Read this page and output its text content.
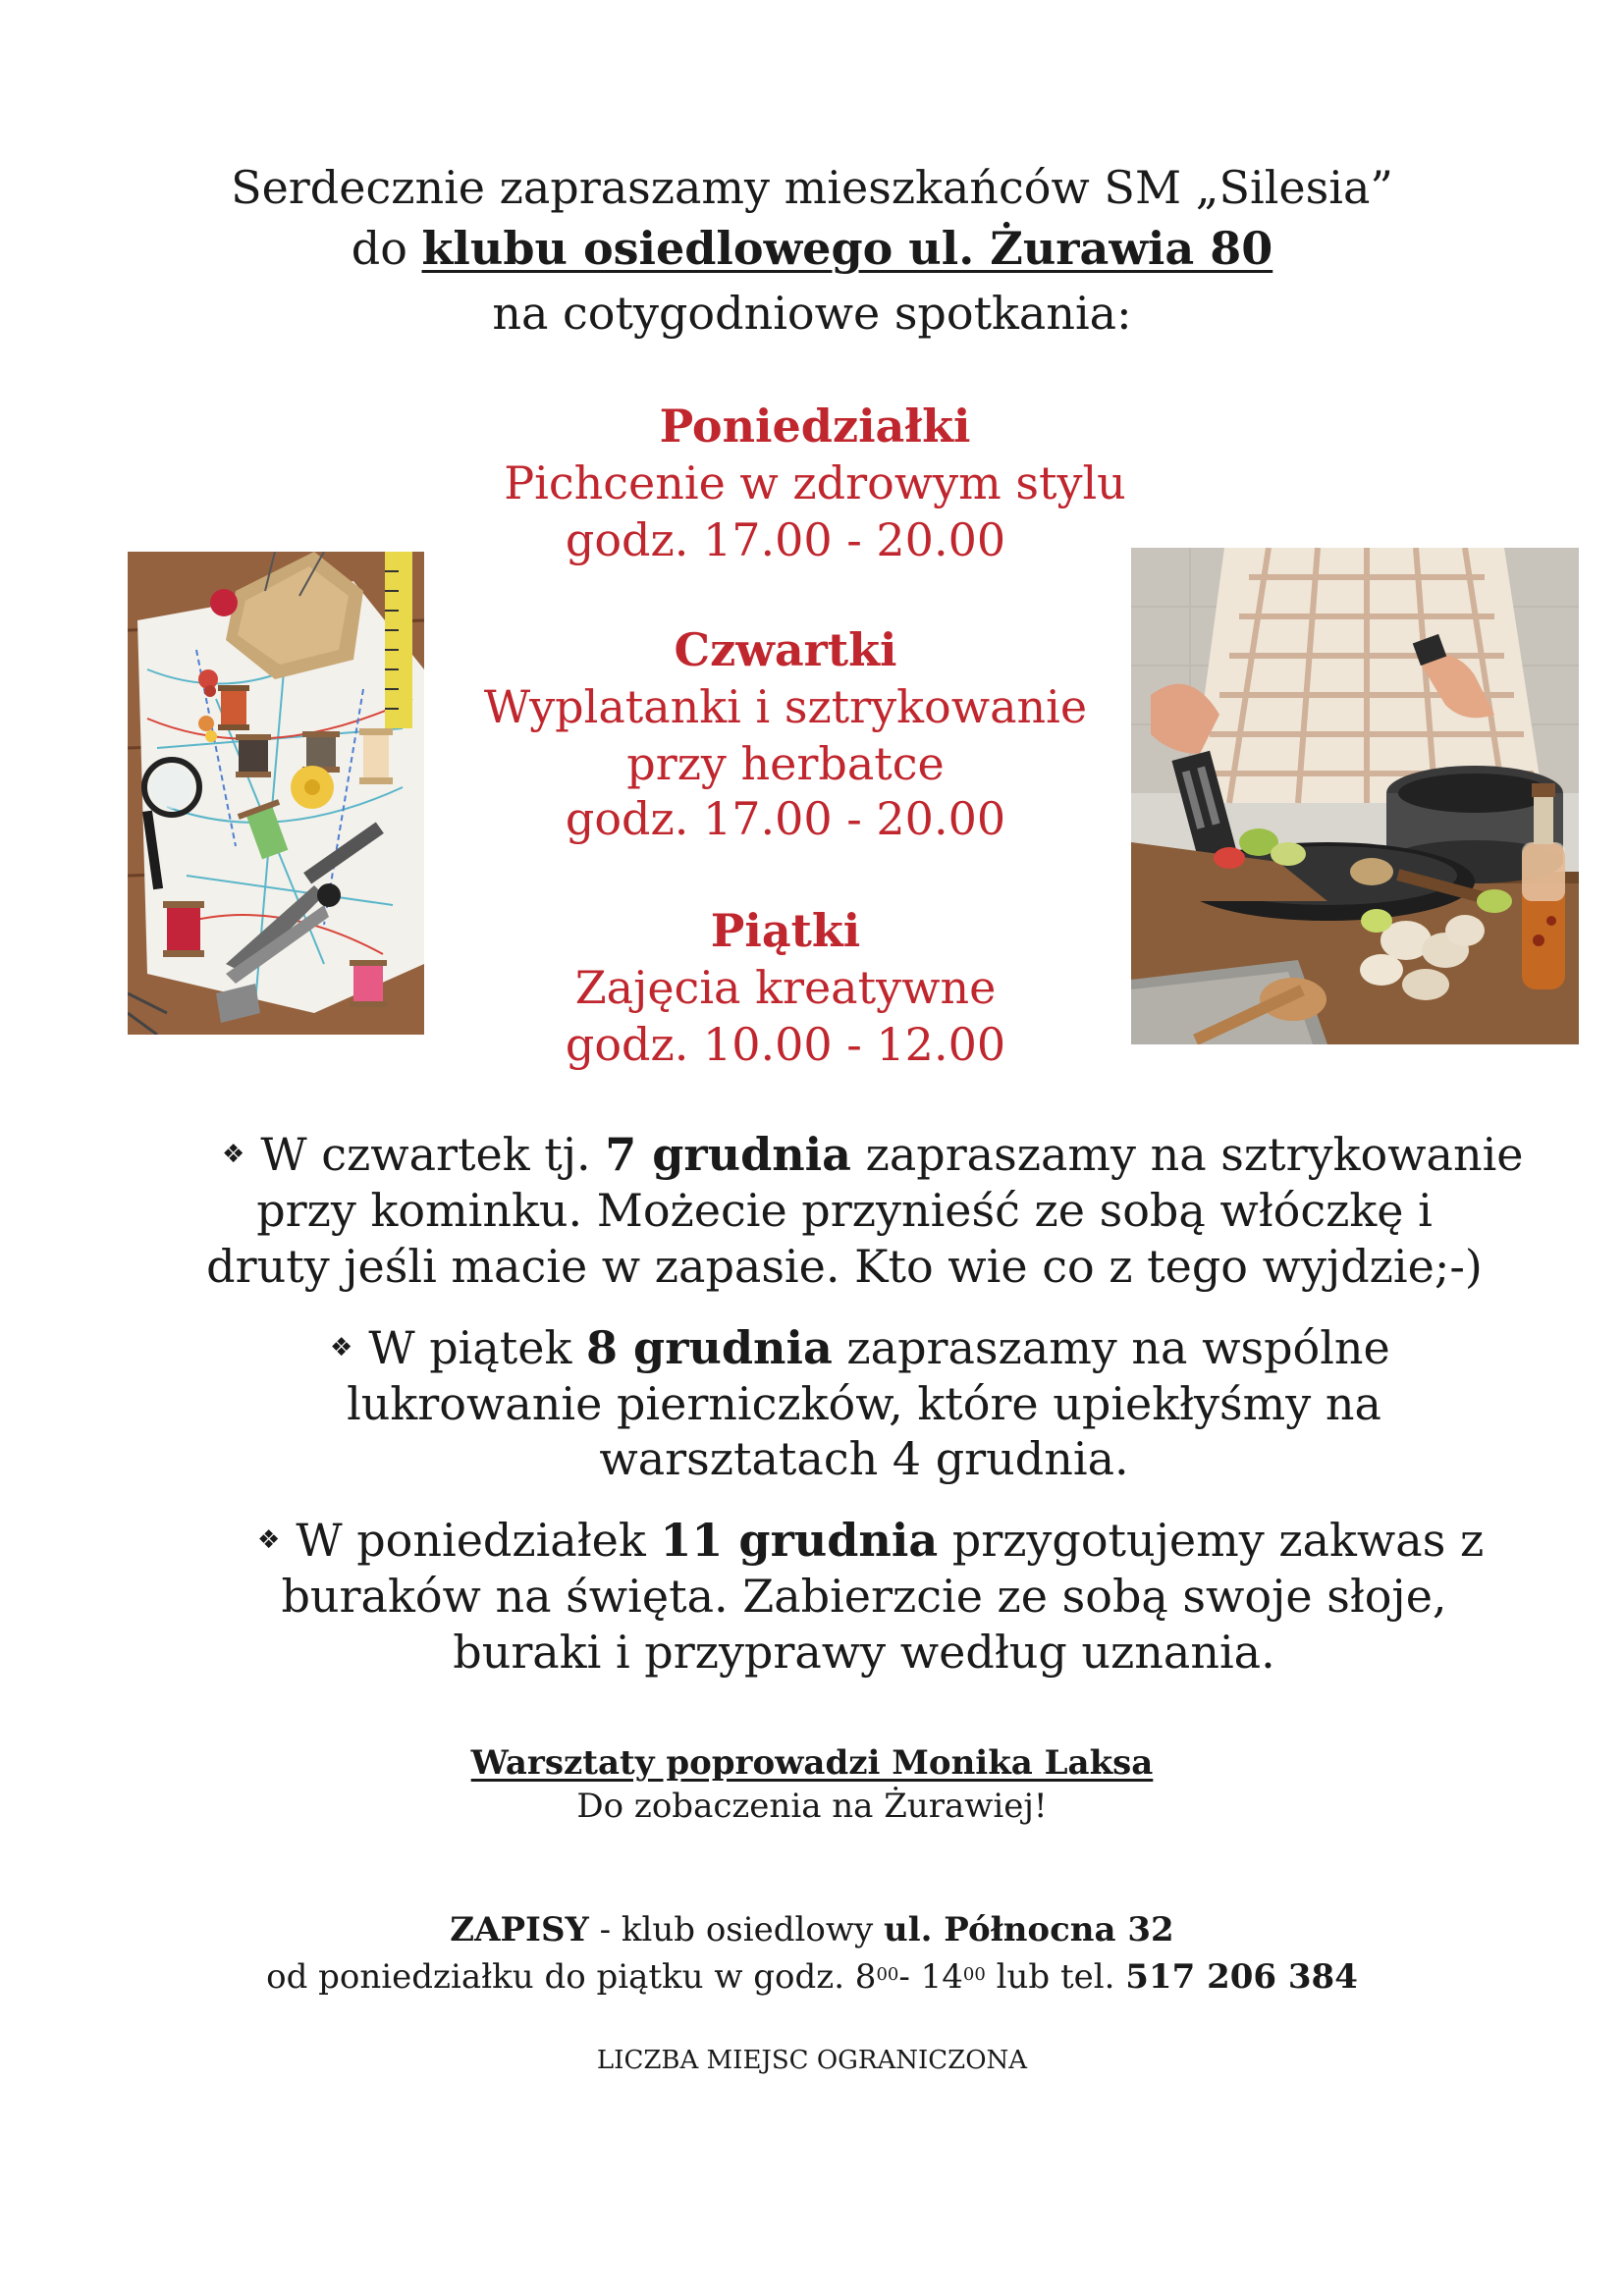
Serdecznie zapraszamy mieszkańców SM „Silesia”
do klubu osiedlowego ul. Żurawia 80
na cotygodniowe spotkania:
Poniedziałki
Pichcenie w zdrowym stylu
godz. 17.00 - 20.00
Czwartki
Wyplatanki i sztrykowanie
przy herbatce
godz. 17.00 - 20.00
Piątki
Zajęcia kreatywne
godz. 10.00 - 12.00
❖ W czwartek tj. 7 grudnia zapraszamy na sztrykowanie
przy kominku. Możecie przynieść ze sobą włóczkę i
druty jeśli macie w zapasie. Kto wie co z tego wyjdzie;-)
❖ W piątek 8 grudnia zapraszamy na wspólne
lukrowanie pierniczków, które upiekłyśmy na
warsztatach 4 grudnia.
❖ W poniedziałek 11 grudnia przygotujemy zakwas z
buraków na święta. Zabierzcie ze sobą swoje słoje,
buraki i przyprawy według uznania.
Warsztaty poprowadzi Monika Laksa
Do zobaczenia na Żurawiej!
ZAPISY - klub osiedlowy ul. Północna 32
od poniedziałku do piątku w godz. $8^{00}-$ $14^{00}$ lub tel. 517 206 384
LICZBA MIEJSC OGRANICZONA
